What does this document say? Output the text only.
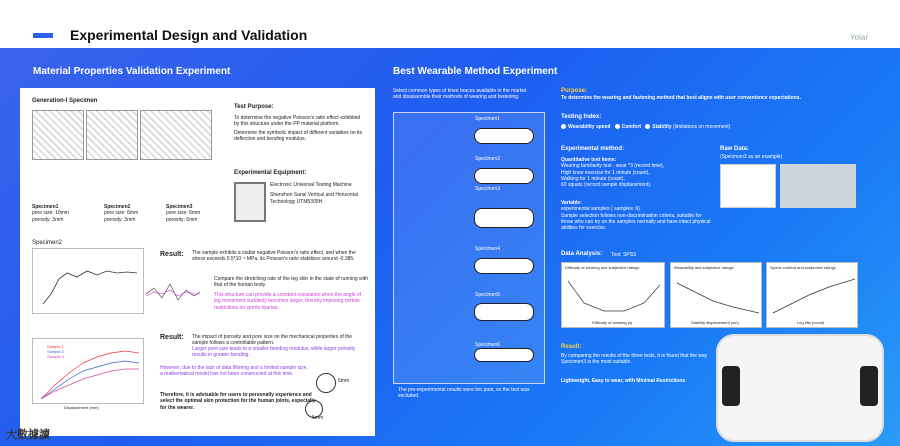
Experimental Design and Validation	Yolar
Material Properties Validation Experiment	Best Wearable Method Experiment
Generation-I Specimen
Specimen1
pore size: 10mm
porosity: 3mm
Specimen2
pore size: 6mm
porosity: 3mm
Specimen3
pore size: 6mm
porosity: 6mm
Test Purpose:
To determine the negative Poisson's ratio effect exhibited by this structure under the PP material platform.
Determine the symbolic impact of different variables on its deflection and bending modulus.
Experimental Equipment:
Electronic Universal Testing Machine
Shenzhen Sansi Vertical and Horizontal Technology UTM5305H.
Specimen2
Result: The sample exhibits a stable negative Poisson's ratio effect, and when the stress exceeds 0.5*10⁻¹ MPa, its Poisson's ratio stabilizes around -0.385.
Compare the stretching rate of the leg skin in the state of running with that of the human body.
This structure can provide a constant resistance when the angle of leg movement suddenly becomes larger, thereby imposing certain restrictions on sports injuries.
Sample 1
Sample 2
Sample 3
Displacement (mm)
Result: The impact of porosity and pore size on the mechanical properties of the sample follows a controllable pattern.
Larger pore size leads to a smaller bending modulus, while larger porosity results in greater bending.
However, due to the lack of data filtering and a limited sample size, a mathematical model has not been constructed at this time.
Therefore, it is advisable for users to personally experience and select the optimal skin protection for the human joints, especially for the wearer.
6mm
5mm
Select common types of knee braces available in the market and disassemble their methods of wearing and fastening.
Specimen1
Specimen2
Specimen3
Specimen4
Specimen5
Specimen6
The pre-experimental results were too poor, so the test was excluded.
Purpose:
To determine the wearing and fastening method that best aligns with user convenience expectations.
Testing Index:
Wearability speed Comfort Stability (limitations on movement)
Experimental method:
Quantitative test items:
Wearing familiarity test - wear *3 (record time),
High knee exercise for 1 minute (count),
Walking for 1 minute (count),
60 squats (record sample displacement).
Variable:
experimental samples ( samples: 6)
Sample selection follows non-discrimination criteria, suitable for those who can try on the samples normally and have intact physical abilities for exercise.
Raw Data:
(Specimen3 as an example)
Data Analysis: Tool: SPSS
Difficulty of wearing and subjective ratings
Difficulty of wearing (s)
Wearability and subjective ratings
Stability displacement (cm)
Sports comfort and subjective ratings
Leg lifts (count)
Result:
By comparing the results of the three tests, it is found that the way Specimen3 is the most suitable.
Lightweight, Easy to wear, with Minimal Restrictions
大數據讀
